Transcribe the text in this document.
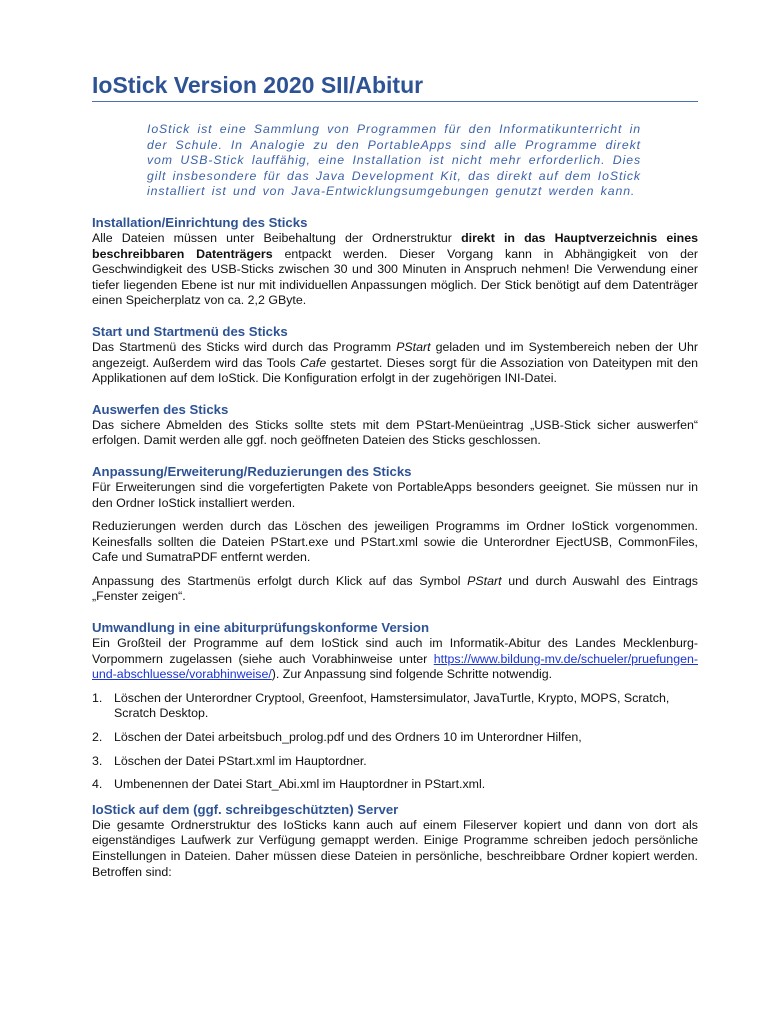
IoStick Version 2020 SII/Abitur

IoStick ist eine Sammlung von Programmen für den Informatikunterricht in der Schule. In Analogie zu den PortableApps sind alle Programme direkt vom USB-Stick lauffähig, eine Installation ist nicht mehr erforderlich. Dies gilt insbesondere für das Java Development Kit, das direkt auf dem IoStick installiert ist und von Java-Entwicklungsumgebungen genutzt werden kann.

Installation/Einrichtung des Sticks

Alle Dateien müssen unter Beibehaltung der Ordnerstruktur direkt in das Hauptverzeichnis eines beschreibbaren Datenträgers entpackt werden. Dieser Vorgang kann in Abhängigkeit von der Geschwindigkeit des USB-Sticks zwischen 30 und 300 Minuten in Anspruch nehmen! Die Verwendung einer tiefer liegenden Ebene ist nur mit individuellen Anpassungen möglich. Der Stick benötigt auf dem Datenträger einen Speicherplatz von ca. 2,2 GByte.

Start und Startmenü des Sticks

Das Startmenü des Sticks wird durch das Programm PStart geladen und im Systembereich neben der Uhr angezeigt. Außerdem wird das Tools Cafe gestartet. Dieses sorgt für die Assoziation von Dateitypen mit den Applikationen auf dem IoStick. Die Konfiguration erfolgt in der zugehörigen INI-Datei.

Auswerfen des Sticks

Das sichere Abmelden des Sticks sollte stets mit dem PStart-Menüeintrag „USB-Stick sicher auswerfen“ erfolgen. Damit werden alle ggf. noch geöffneten Dateien des Sticks geschlossen.

Anpassung/Erweiterung/Reduzierungen des Sticks

Für Erweiterungen sind die vorgefertigten Pakete von PortableApps besonders geeignet. Sie müssen nur in den Ordner IoStick installiert werden.

Reduzierungen werden durch das Löschen des jeweiligen Programms im Ordner IoStick vorgenommen. Keinesfalls sollten die Dateien PStart.exe und PStart.xml sowie die Unterordner EjectUSB, CommonFiles, Cafe und SumatraPDF entfernt werden.

Anpassung des Startmenüs erfolgt durch Klick auf das Symbol PStart und durch Auswahl des Eintrags „Fenster zeigen“.

Umwandlung in eine abiturprüfungskonforme Version

Ein Großteil der Programme auf dem IoStick sind auch im Informatik-Abitur des Landes Mecklenburg-Vorpommern zugelassen (siehe auch Vorabhinweise unter https://www.bildung-mv.de/schueler/pruefungen-und-abschluesse/vorabhinweise/). Zur Anpassung sind folgende Schritte notwendig.

1. Löschen der Unterordner Cryptool, Greenfoot, Hamstersimulator, JavaTurtle, Krypto, MOPS, Scratch, Scratch Desktop.
2. Löschen der Datei arbeitsbuch_prolog.pdf und des Ordners 10 im Unterordner Hilfen,
3. Löschen der Datei PStart.xml im Hauptordner.
4. Umbenennen der Datei Start_Abi.xml im Hauptordner in PStart.xml.
IoStick auf dem (ggf. schreibgeschützten) Server

Die gesamte Ordnerstruktur des IoSticks kann auch auf einem Fileserver kopiert und dann von dort als eigenständiges Laufwerk zur Verfügung gemappt werden. Einige Programme schreiben jedoch persönliche Einstellungen in Dateien. Daher müssen diese Dateien in persönliche, beschreibbare Ordner kopiert werden. Betroffen sind:
